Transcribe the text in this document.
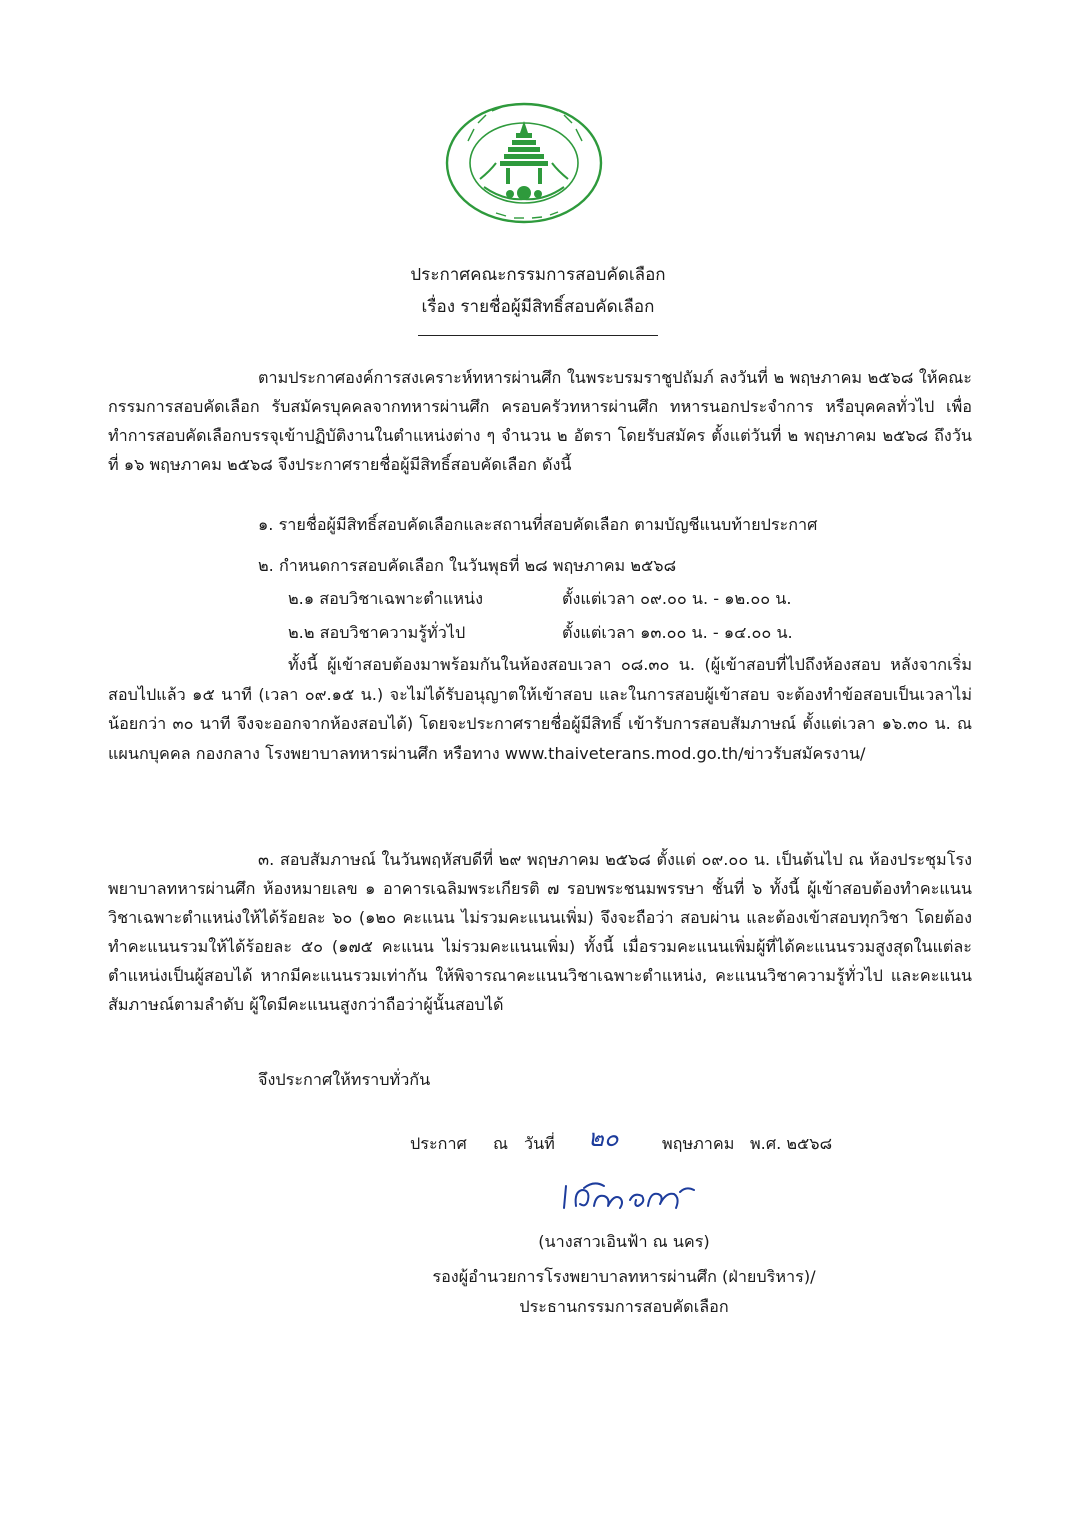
ประกาศคณะกรรมการสอบคัดเลือก
เรื่อง รายชื่อผู้มีสิทธิ์สอบคัดเลือก
ตามประกาศองค์การสงเคราะห์ทหารผ่านศึก ในพระบรมราชูปถัมภ์ ลงวันที่ ๒ พฤษภาคม ๒๕๖๘ ให้คณะกรรมการสอบคัดเลือก รับสมัครบุคคลจากทหารผ่านศึก ครอบครัวทหารผ่านศึก ทหารนอกประจำการ หรือบุคคลทั่วไป เพื่อทำการสอบคัดเลือกบรรจุเข้าปฏิบัติงานในตำแหน่งต่าง ๆ จำนวน ๒ อัตรา โดยรับสมัคร ตั้งแต่วันที่ ๒ พฤษภาคม ๒๕๖๘ ถึงวันที่ ๑๖ พฤษภาคม ๒๕๖๘ จึงประกาศรายชื่อผู้มีสิทธิ์สอบคัดเลือก ดังนี้
๑. รายชื่อผู้มีสิทธิ์สอบคัดเลือกและสถานที่สอบคัดเลือก ตามบัญชีแนบท้ายประกาศ
๒. กำหนดการสอบคัดเลือก ในวันพุธที่ ๒๘ พฤษภาคม ๒๕๖๘
๒.๑ สอบวิชาเฉพาะตำแหน่ง	ตั้งแต่เวลา ๐๙.๐๐ น. - ๑๒.๐๐ น.
๒.๒ สอบวิชาความรู้ทั่วไป	ตั้งแต่เวลา ๑๓.๐๐ น. - ๑๔.๐๐ น.
ทั้งนี้ ผู้เข้าสอบต้องมาพร้อมกันในห้องสอบเวลา ๐๘.๓๐ น. (ผู้เข้าสอบที่ไปถึงห้องสอบ หลังจากเริ่มสอบไปแล้ว ๑๕ นาที (เวลา ๐๙.๑๕ น.) จะไม่ได้รับอนุญาตให้เข้าสอบ และในการสอบผู้เข้าสอบ จะต้องทำข้อสอบเป็นเวลาไม่น้อยกว่า ๓๐ นาที จึงจะออกจากห้องสอบได้) โดยจะประกาศรายชื่อผู้มีสิทธิ์ เข้ารับการสอบสัมภาษณ์ ตั้งแต่เวลา ๑๖.๓๐ น. ณ แผนกบุคคล กองกลาง โรงพยาบาลทหารผ่านศึก หรือทาง www.thaiveterans.mod.go.th/ข่าวรับสมัครงาน/
๓. สอบสัมภาษณ์ ในวันพฤหัสบดีที่ ๒๙ พฤษภาคม ๒๕๖๘ ตั้งแต่ ๐๙.๐๐ น. เป็นต้นไป ณ ห้องประชุมโรงพยาบาลทหารผ่านศึก ห้องหมายเลข ๑ อาคารเฉลิมพระเกียรติ ๗ รอบพระชนมพรรษา ชั้นที่ ๖ ทั้งนี้ ผู้เข้าสอบต้องทำคะแนนวิชาเฉพาะตำแหน่งให้ได้ร้อยละ ๖๐ (๑๒๐ คะแนน ไม่รวมคะแนนเพิ่ม) จึงจะถือว่า สอบผ่าน และต้องเข้าสอบทุกวิชา โดยต้องทำคะแนนรวมให้ได้ร้อยละ ๕๐ (๑๗๕ คะแนน ไม่รวมคะแนนเพิ่ม) ทั้งนี้ เมื่อรวมคะแนนเพิ่มผู้ที่ได้คะแนนรวมสูงสุดในแต่ละตำแหน่งเป็นผู้สอบได้ หากมีคะแนนรวมเท่ากัน ให้พิจารณาคะแนนวิชาเฉพาะตำแหน่ง, คะแนนวิชาความรู้ทั่วไป และคะแนนสัมภาษณ์ตามลำดับ ผู้ใดมีคะแนนสูงกว่าถือว่าผู้นั้นสอบได้
จึงประกาศให้ทราบทั่วกัน
ประกาศ ณ วันที่ ๒๐	พฤษภาคม พ.ศ. ๒๕๖๘
(นางสาวเอินฟ้า ณ นคร)
รองผู้อำนวยการโรงพยาบาลทหารผ่านศึก (ฝ่ายบริหาร)/
ประธานกรรมการสอบคัดเลือก
